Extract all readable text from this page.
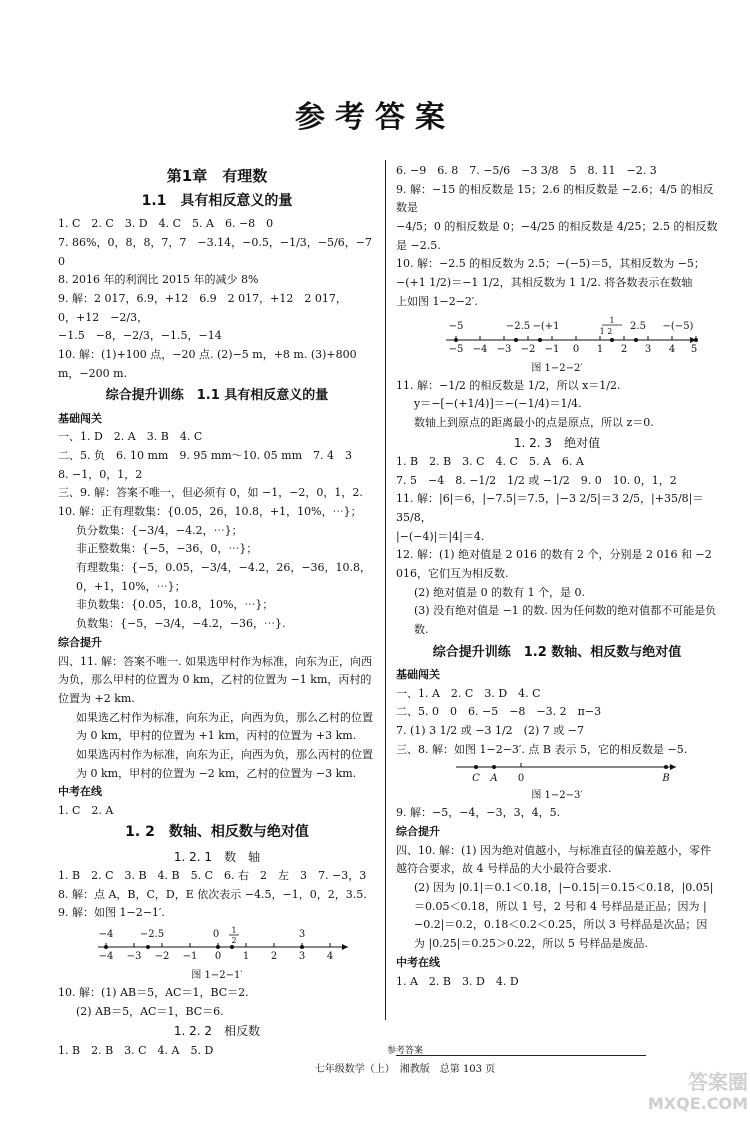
参考答案

第1章　有理数

1.1　具有相反意义的量

1. C　2. C　3. D　4. C　5. A　6. −8　0

7. 86%，0，8，8，7，7　−3.14，−0.5，−1/3，−5/6，−7　0

8. 2016 年的利润比 2015 年的减少 8%

9. 解：2 017，6.9，+12　6.9　2 017，+12　2 017，0，+12　−2/3，

−1.5　−8，−2/3，−1.5，−14

10. 解：(1)+100 点，−20 点. (2)−5 m，+8 m. (3)+800 m，−200 m.

综合提升训练　1.1 具有相反意义的量

基础闯关

一、1. D　2. A　3. B　4. C

二、5. 负　6. 10 mm　9. 95 mm～10. 05 mm　7. 4　3

8. −1，0，1，2

三、9. 解：答案不唯一，但必须有 0，如 −1，−2，0，1，2.

10. 解：正有理数集：{0.05，26，10.8，+1，10%，⋯}；

负分数集：{−3/4，−4.2，⋯}；

非正整数集：{−5，−36，0，⋯}；

有理数集：{−5，0.05，−3/4，−4.2，26，−36，10.8，0，+1，10%，⋯}；

非负数集：{0.05，10.8，10%，⋯}；

负数集：{−5，−3/4，−4.2，−36，⋯}.

综合提升

四、11. 解：答案不唯一. 如果选甲村作为标准，向东为正，向西为负，那么甲村的位置为 0 km，乙村的位置为 −1 km，丙村的位置为 +2 km.

如果选乙村作为标准，向东为正，向西为负，那么乙村的位置为 0 km，甲村的位置为 +1 km，丙村的位置为 +3 km.

如果选丙村作为标准，向东为正，向西为负，那么丙村的位置为 0 km，甲村的位置为 −2 km，乙村的位置为 −3 km.

中考在线

1. C　2. A

1. 2　数轴、相反数与绝对值

1. 2. 1　数　轴

1. B　2. C　3. B　4. B　5. C　6. 右　2　左　3　7. −3，3

8. 解：点 A，B，C，D，E 依次表示 −4.5，−1，0，2，3.5.

9. 解：如图 1−2−1′.

−4 −3 −2 −1 0 1 2 3 4
−4	−2.5	0 1
2
3

图 1−2−1′

10. 解：(1) AB＝5，AC＝1，BC＝2.

(2) AB＝5，AC＝1，BC＝6.

1. 2. 2　相反数

1. B　2. B　3. C　4. A　5. D

6. −9　6. 8　7. −5/6　−3 3/8　5　8. 11　−2. 3

9. 解：−15 的相反数是 15；2.6 的相反数是 −2.6；4/5 的相反数是

−4/5；0 的相反数是 0；−4/25 的相反数是 4/25；2.5 的相反数是 −2.5.

10. 解：−2.5 的相反数为 2.5；−(−5)＝5，其相反数为 −5；

−(+1 1/2)＝−1 1/2，其相反数为 1 1/2. 将各数表示在数轴

上如图 1−2−2′.

−5 −4 −3 −2 −1 0 1 2 3 4 5
−5	−2.5 −(+1
1
1 2 2.5 −(−5)

图 1−2−2′

11. 解：−1/2 的相反数是 1/2，所以 x＝1/2.

y＝−[−(+1/4)]＝−(−1/4)＝1/4.

数轴上到原点的距离最小的点是原点，所以 z＝0.

1. 2. 3　绝对值

1. B　2. B　3. C　4. C　5. A　6. A

7. 5　−4　8. −1/2　1/2 或 −1/2　9. 0　10. 0，1，2

11. 解：|6|＝6，|−7.5|＝7.5，|−3 2/5|＝3 2/5，|+35/8|＝35/8，

|−(−4)|＝|4|＝4.

12. 解：(1) 绝对值是 2 016 的数有 2 个，分别是 2 016 和 −2 016，它们互为相反数.

(2) 绝对值是 0 的数有 1 个，是 0.

(3) 没有绝对值是 −1 的数. 因为任何数的绝对值都不可能是负数.

综合提升训练　1.2 数轴、相反数与绝对值

基础闯关

一、1. A　2. C　3. D　4. C

二、5. 0　0　6. −5　−8　−3. 2　π−3

7. (1) 3 1/2 或 −3 1/2　(2) 7 或 −7

三、8. 解：如图 1−2−3′. 点 B 表示 5，它的相反数是 −5.

C A 0	B

图 1−2−3′

9. 解：−5，−4，−3，3，4，5.

综合提升

四、10. 解：(1) 因为绝对值越小，与标准直径的偏差越小，零件越符合要求，故 4 号样品的大小最符合要求.

(2) 因为 |0.1|＝0.1＜0.18，|−0.15|＝0.15＜0.18，|0.05|＝0.05＜0.18，所以 1 号，2 号和 4 号样品是正品；因为 |−0.2|＝0.2，0.18＜0.2＜0.25，所以 3 号样品是次品；因为 |0.25|＝0.25＞0.22，所以 5 号样品是废品.

中考在线

1. A　2. B　3. D　4. D

参考答案
七年级数学（上）　湘教版　总第 103 页
答案圈
MXQE.COM
